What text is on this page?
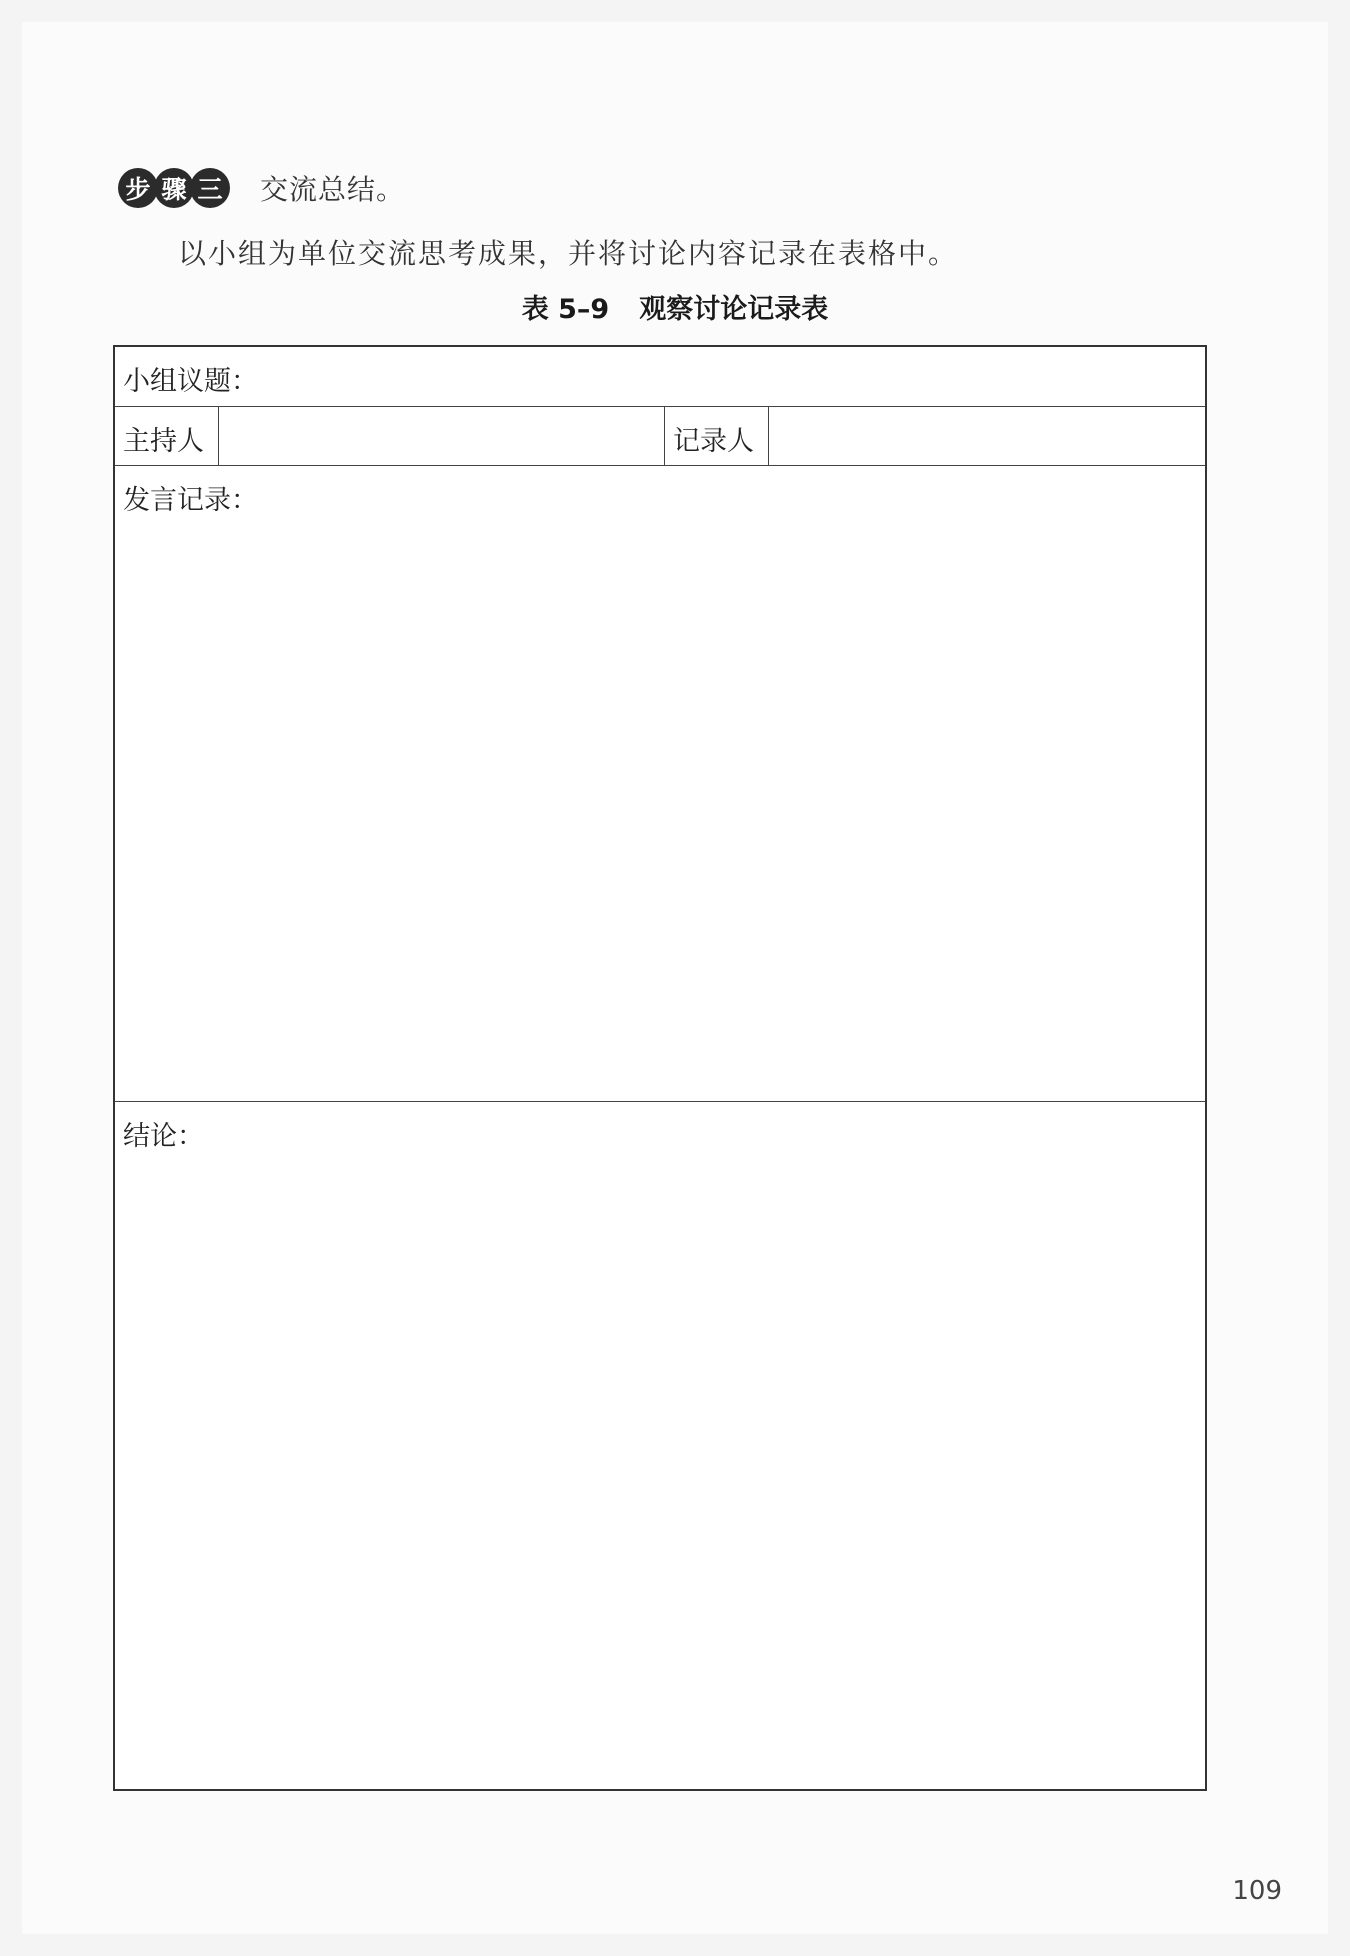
步 骤 三 交流总结。
以小组为单位交流思考成果，并将讨论内容记录在表格中。
表 5–9 观察讨论记录表
小组议题：
主持人	记录人
发言记录：
结论：
109
